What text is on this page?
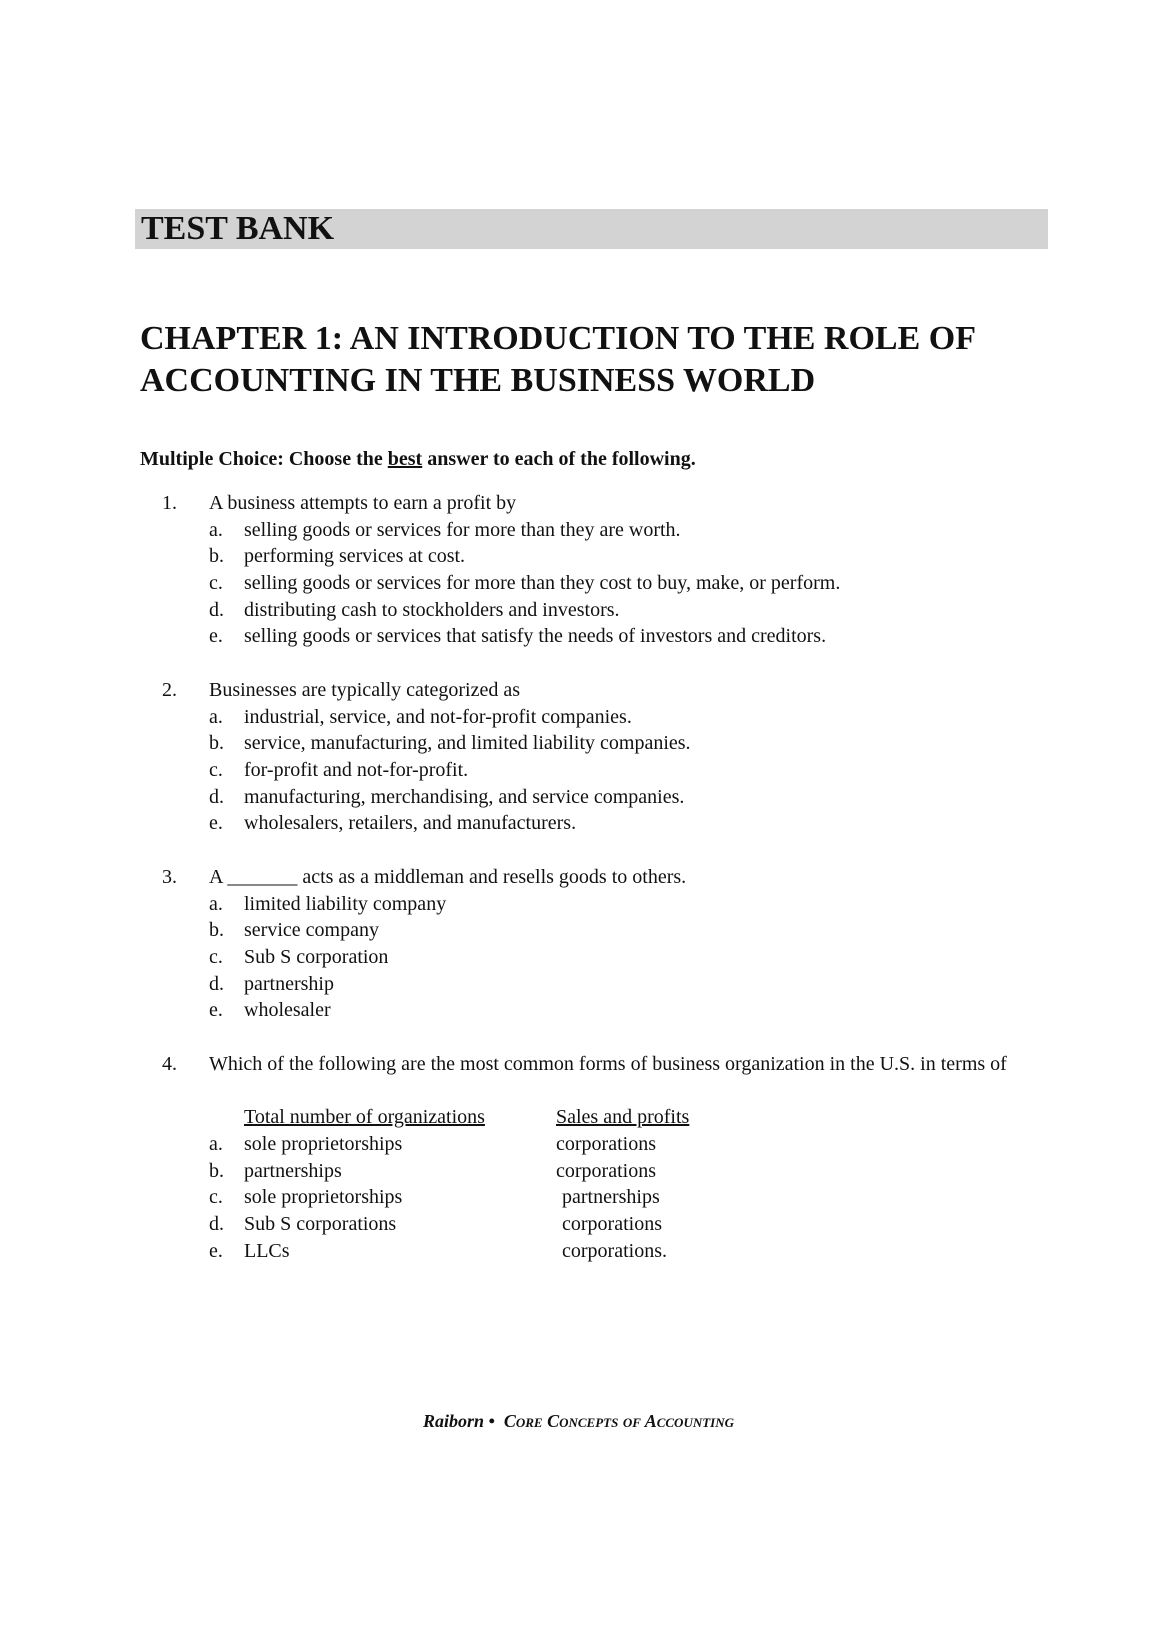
TEST BANK
CHAPTER 1: AN INTRODUCTION TO THE ROLE OF ACCOUNTING IN THE BUSINESS WORLD
Multiple Choice: Choose the best answer to each of the following.
1. A business attempts to earn a profit by
a. selling goods or services for more than they are worth.
b. performing services at cost.
c. selling goods or services for more than they cost to buy, make, or perform.
d. distributing cash to stockholders and investors.
e. selling goods or services that satisfy the needs of investors and creditors.
2. Businesses are typically categorized as
a. industrial, service, and not-for-profit companies.
b. service, manufacturing, and limited liability companies.
c. for-profit and not-for-profit.
d. manufacturing, merchandising, and service companies.
e. wholesalers, retailers, and manufacturers.
3. A _______ acts as a middleman and resells goods to others.
a. limited liability company
b. service company
c. Sub S corporation
d. partnership
e. wholesaler
4. Which of the following are the most common forms of business organization in the U.S. in terms of
Total number of organizations	Sales and profits
a. sole proprietorships	corporations
b. partnerships	corporations
c. sole proprietorships	partnerships
d. Sub S corporations	corporations
e. LLCs	corporations.
Raiborn • Core Concepts of Accounting
